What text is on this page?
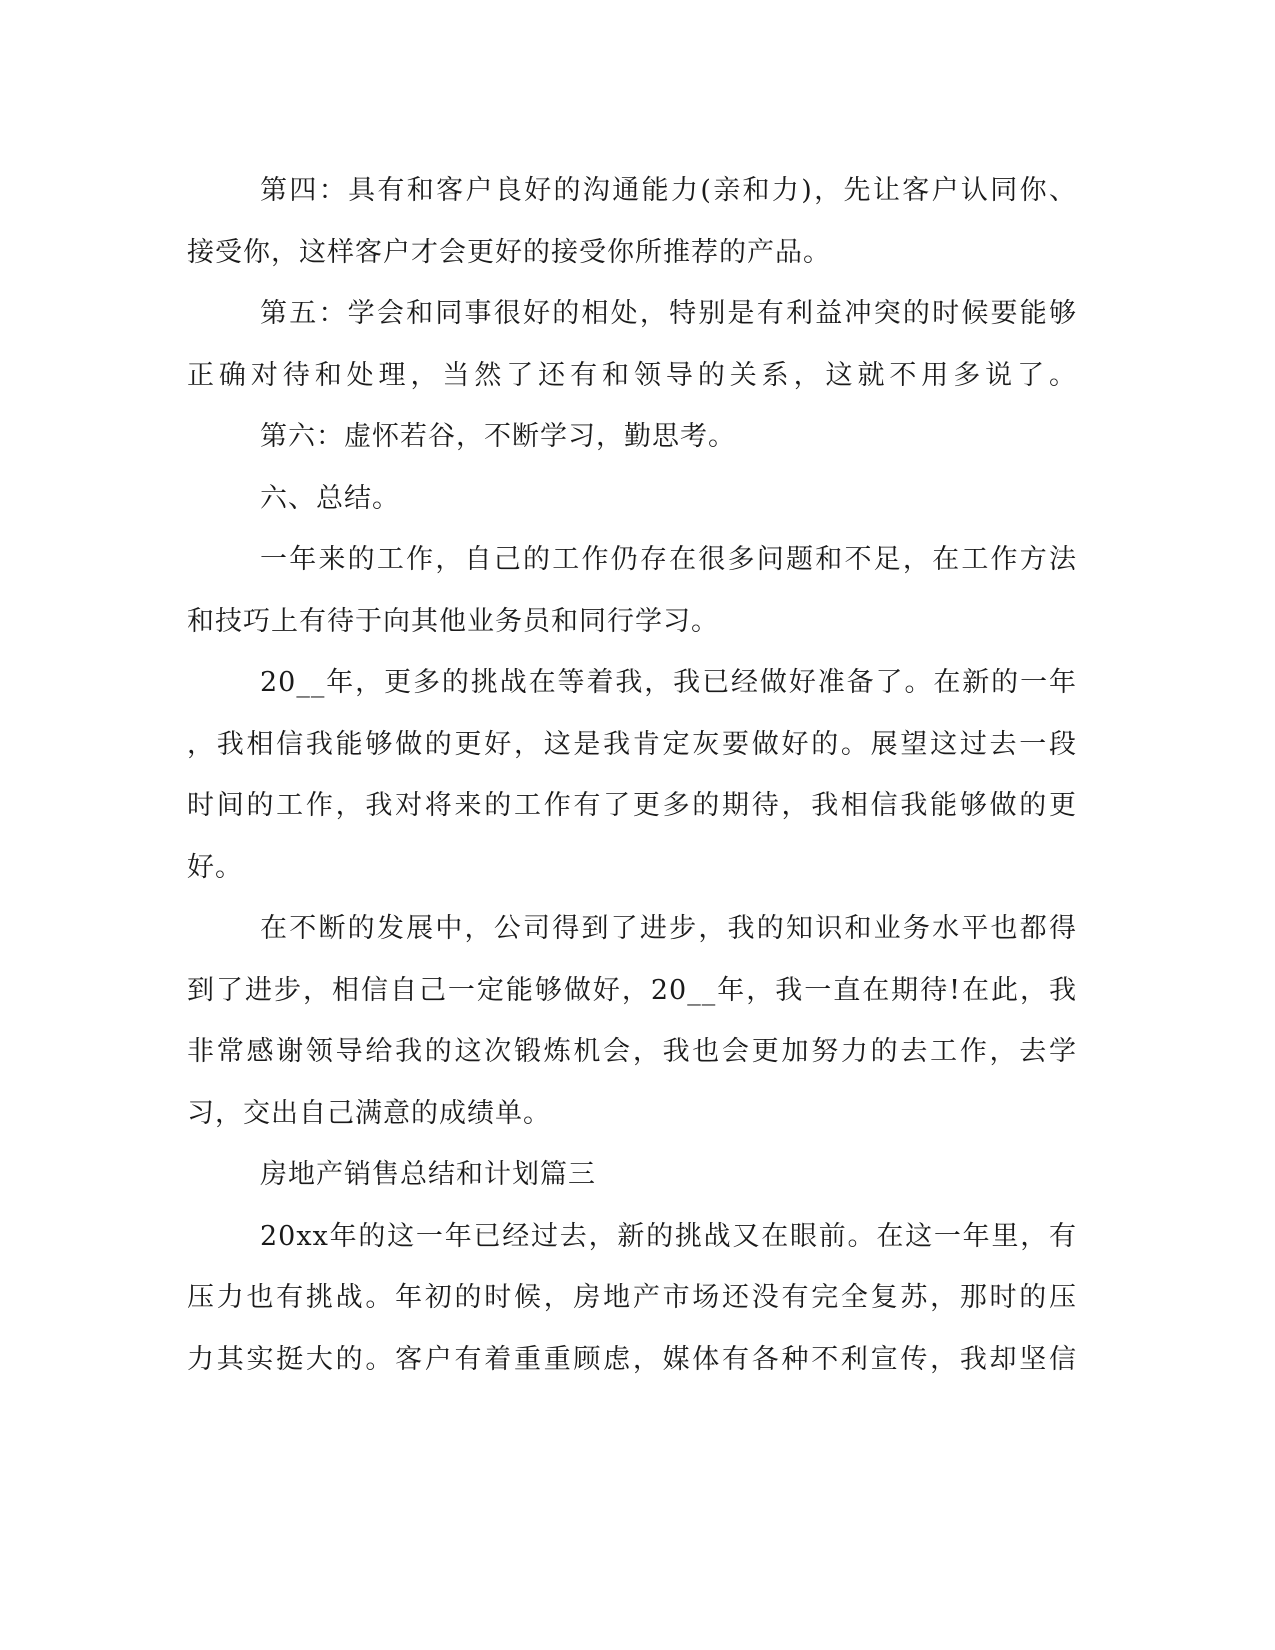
第四：具有和客户良好的沟通能力(亲和力)，先让客户认同你、
接受你，这样客户才会更好的接受你所推荐的产品。
第五：学会和同事很好的相处，特别是有利益冲突的时候要能够
正确对待和处理，当然了还有和领导的关系，这就不用多说了。
第六：虚怀若谷，不断学习，勤思考。
六、总结。
一年来的工作，自己的工作仍存在很多问题和不足，在工作方法
和技巧上有待于向其他业务员和同行学习。
20__年，更多的挑战在等着我，我已经做好准备了。在新的一年
，我相信我能够做的更好，这是我肯定灰要做好的。展望这过去一段
时间的工作，我对将来的工作有了更多的期待，我相信我能够做的更
好。
在不断的发展中，公司得到了进步，我的知识和业务水平也都得
到了进步，相信自己一定能够做好，20__年，我一直在期待!在此，我
非常感谢领导给我的这次锻炼机会，我也会更加努力的去工作，去学
习，交出自己满意的成绩单。
房地产销售总结和计划篇三
20xx年的这一年已经过去，新的挑战又在眼前。在这一年里，有
压力也有挑战。年初的时候，房地产市场还没有完全复苏，那时的压
力其实挺大的。客户有着重重顾虑，媒体有各种不利宣传，我却坚信
